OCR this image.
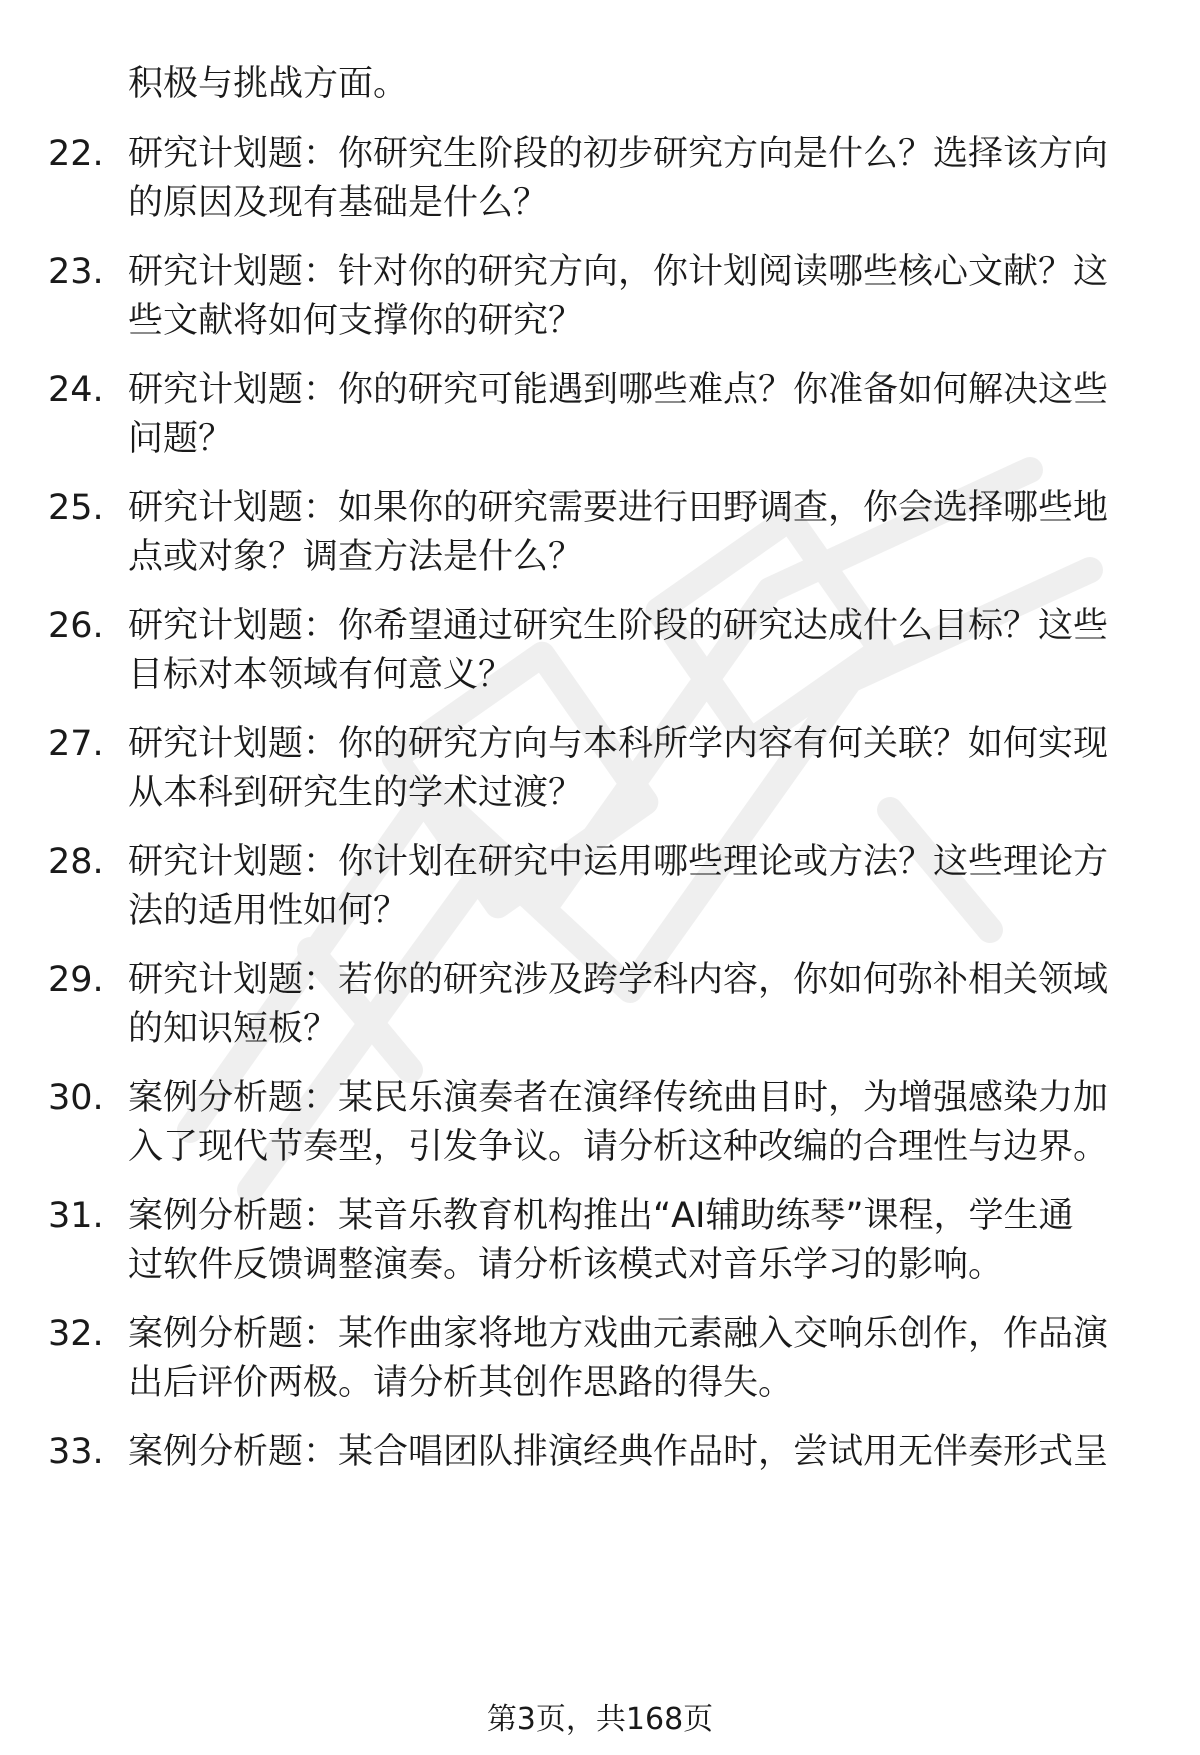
积极与挑战方面。
22. 研究计划题：你研究生阶段的初步研究方向是什么？选择该方向
的原因及现有基础是什么？
23. 研究计划题：针对你的研究方向，你计划阅读哪些核心文献？这
些文献将如何支撑你的研究？
24. 研究计划题：你的研究可能遇到哪些难点？你准备如何解决这些
问题？
25. 研究计划题：如果你的研究需要进行田野调查，你会选择哪些地
点或对象？调查方法是什么？
26. 研究计划题：你希望通过研究生阶段的研究达成什么目标？这些
目标对本领域有何意义？
27. 研究计划题：你的研究方向与本科所学内容有何关联？如何实现
从本科到研究生的学术过渡？
28. 研究计划题：你计划在研究中运用哪些理论或方法？这些理论方
法的适用性如何？
29. 研究计划题：若你的研究涉及跨学科内容，你如何弥补相关领域
的知识短板？
30. 案例分析题：某民乐演奏者在演绎传统曲目时，为增强感染力加
入了现代节奏型，引发争议。请分析这种改编的合理性与边界。
31. 案例分析题：某音乐教育机构推出“AI辅助练琴”课程，学生通
过软件反馈调整演奏。请分析该模式对音乐学习的影响。
32. 案例分析题：某作曲家将地方戏曲元素融入交响乐创作，作品演
出后评价两极。请分析其创作思路的得失。
33. 案例分析题：某合唱团队排演经典作品时，尝试用无伴奏形式呈
第3页，共168页
